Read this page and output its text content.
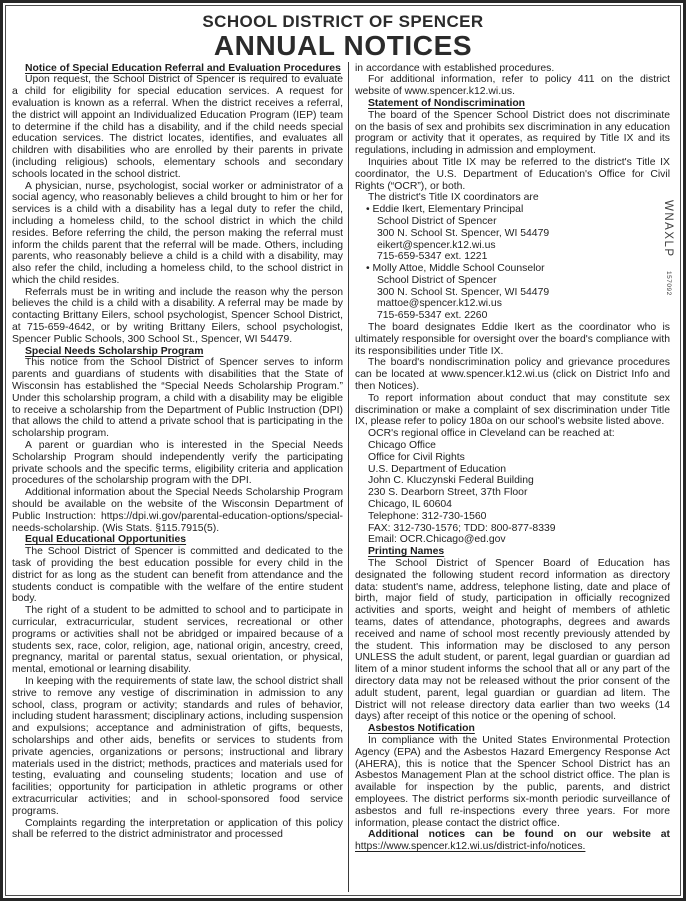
SCHOOL DISTRICT OF SPENCER
ANNUAL NOTICES

Notice of Special Education Referral and Evaluation Procedures

Upon request, the School District of Spencer is required to evaluate a child for eligibility for special education services. A request for evaluation is known as a referral. When the district receives a referral, the district will appoint an Individualized Education Program (IEP) team to determine if the child has a disability, and if the child needs special education services. The district locates, identifies, and evaluates all children with disabilities who are enrolled by their parents in private (including religious) schools, elementary schools and secondary schools located in the school district.

A physician, nurse, psychologist, social worker or administrator of a social agency, who reasonably believes a child brought to him or her for services is a child with a disability has a legal duty to refer the child, including a homeless child, to the school district in which the child resides. Before referring the child, the person making the referral must inform the childs parent that the referral will be made. Others, including parents, who reasonably believe a child is a child with a disability, may also refer the child, including a homeless child, to the school district in which the child resides.

Referrals must be in writing and include the reason why the person believes the child is a child with a disability. A referral may be made by contacting Brittany Eilers, school psychologist, Spencer School District, at 715-659-4642, or by writing Brittany Eilers, school psychologist, Spencer Public Schools, 300 School St., Spencer, WI 54479.

Special Needs Scholarship Program

This notice from the School District of Spencer serves to inform parents and guardians of students with disabilities that the State of Wisconsin has established the “Special Needs Scholarship Program.” Under this scholarship program, a child with a disability may be eligible to receive a scholarship from the Department of Public Instruction (DPI) that allows the child to attend a private school that is participating in the scholarship program.

A parent or guardian who is interested in the Special Needs Scholarship Program should independently verify the participating private schools and the specific terms, eligibility criteria and application procedures of the scholarship program with the DPI.

Additional information about the Special Needs Scholarship Program should be available on the website of the Wisconsin Department of Public Instruction: https://dpi.wi.gov/parental-education-options/special-needs-scholarship. (Wis Stats. §115.7915(5).

Equal Educational Opportunities

The School District of Spencer is committed and dedicated to the task of providing the best education possible for every child in the district for as long as the student can benefit from attendance and the students conduct is compatible with the welfare of the entire student body.

The right of a student to be admitted to school and to participate in curricular, extracurricular, student services, recreational or other programs or activities shall not be abridged or impaired because of a students sex, race, color, religion, age, national origin, ancestry, creed, pregnancy, marital or parental status, sexual orientation, or physical, mental, emotional or learning disability.

In keeping with the requirements of state law, the school district shall strive to remove any vestige of discrimination in admission to any school, class, program or activity; standards and rules of behavior, including student harassment; disciplinary actions, including suspension and expulsions; acceptance and administration of gifts, bequests, scholarships and other aids, benefits or services to students from private agencies, organizations or persons; instructional and library materials used in the district; methods, practices and materials used for testing, evaluating and counseling students; location and use of facilities; opportunity for participation in athletic programs or other extracurricular activities; and in school-sponsored food service programs.

Complaints regarding the interpretation or application of this policy shall be referred to the district administrator and processed

in accordance with established procedures.

For additional information, refer to policy 411 on the district website of www.spencer.k12.wi.us.

Statement of Nondiscrimination

The board of the Spencer School District does not discriminate on the basis of sex and prohibits sex discrimination in any education program or activity that it operates, as required by Title IX and its regulations, including in admission and employment.

Inquiries about Title IX may be referred to the district's Title IX coordinator, the U.S. Department of Education's Office for Civil Rights (“OCR”), or both.

The district's Title IX coordinators are

• Eddie Ikert, Elementary Principal
School District of Spencer
300 N. School St. Spencer, WI 54479
eikert@spencer.k12.wi.us
715-659-5347 ext. 1221
• Molly Attoe, Middle School Counselor
School District of Spencer
300 N. School St. Spencer, WI 54479
mattoe@spencer.k12.wi.us
715-659-5347 ext. 2260

The board designates Eddie Ikert as the coordinator who is ultimately responsible for oversight over the board's compliance with its responsibilities under Title IX.

The board's nondiscrimination policy and grievance procedures can be located at www.spencer.k12.wi.us (click on District Info and then Notices).

To report information about conduct that may constitute sex discrimination or make a complaint of sex discrimination under Title IX, please refer to policy 180a on our school's website listed above.

OCR's regional office in Cleveland can be reached at:

Chicago Office
Office for Civil Rights
U.S. Department of Education
John C. Kluczynski Federal Building
230 S. Dearborn Street, 37th Floor
Chicago, IL 60604
Telephone: 312-730-1560
FAX: 312-730-1576; TDD: 800-877-8339
Email: OCR.Chicago@ed.gov

Printing Names

The School District of Spencer Board of Education has designated the following student record information as directory data: student's name, address, telephone listing, date and place of birth, major field of study, participation in officially recognized activities and sports, weight and height of members of athletic teams, dates of attendance, photographs, degrees and awards received and name of school most recently previously attended by the student. This information may be disclosed to any person UNLESS the adult student, or parent, legal guardian or guardian ad litem of a minor student informs the school that all or any part of the directory data may not be released without the prior consent of the adult student, parent, legal guardian or guardian ad litem. The District will not release directory data earlier than two weeks (14 days) after receipt of this notice or the opening of school.

Asbestos Notification

In compliance with the United States Environmental Protection Agency (EPA) and the Asbestos Hazard Emergency Response Act (AHERA), this is notice that the Spencer School District has an Asbestos Management Plan at the school district office. The plan is available for inspection by the public, parents, and district employees. The district performs six-month periodic surveillance of asbestos and full re-inspections every three years. For more information, please contact the district office.

Additional notices can be found on our website at https://www.spencer.k12.wi.us/district-info/notices.

WNAXLP 157092
